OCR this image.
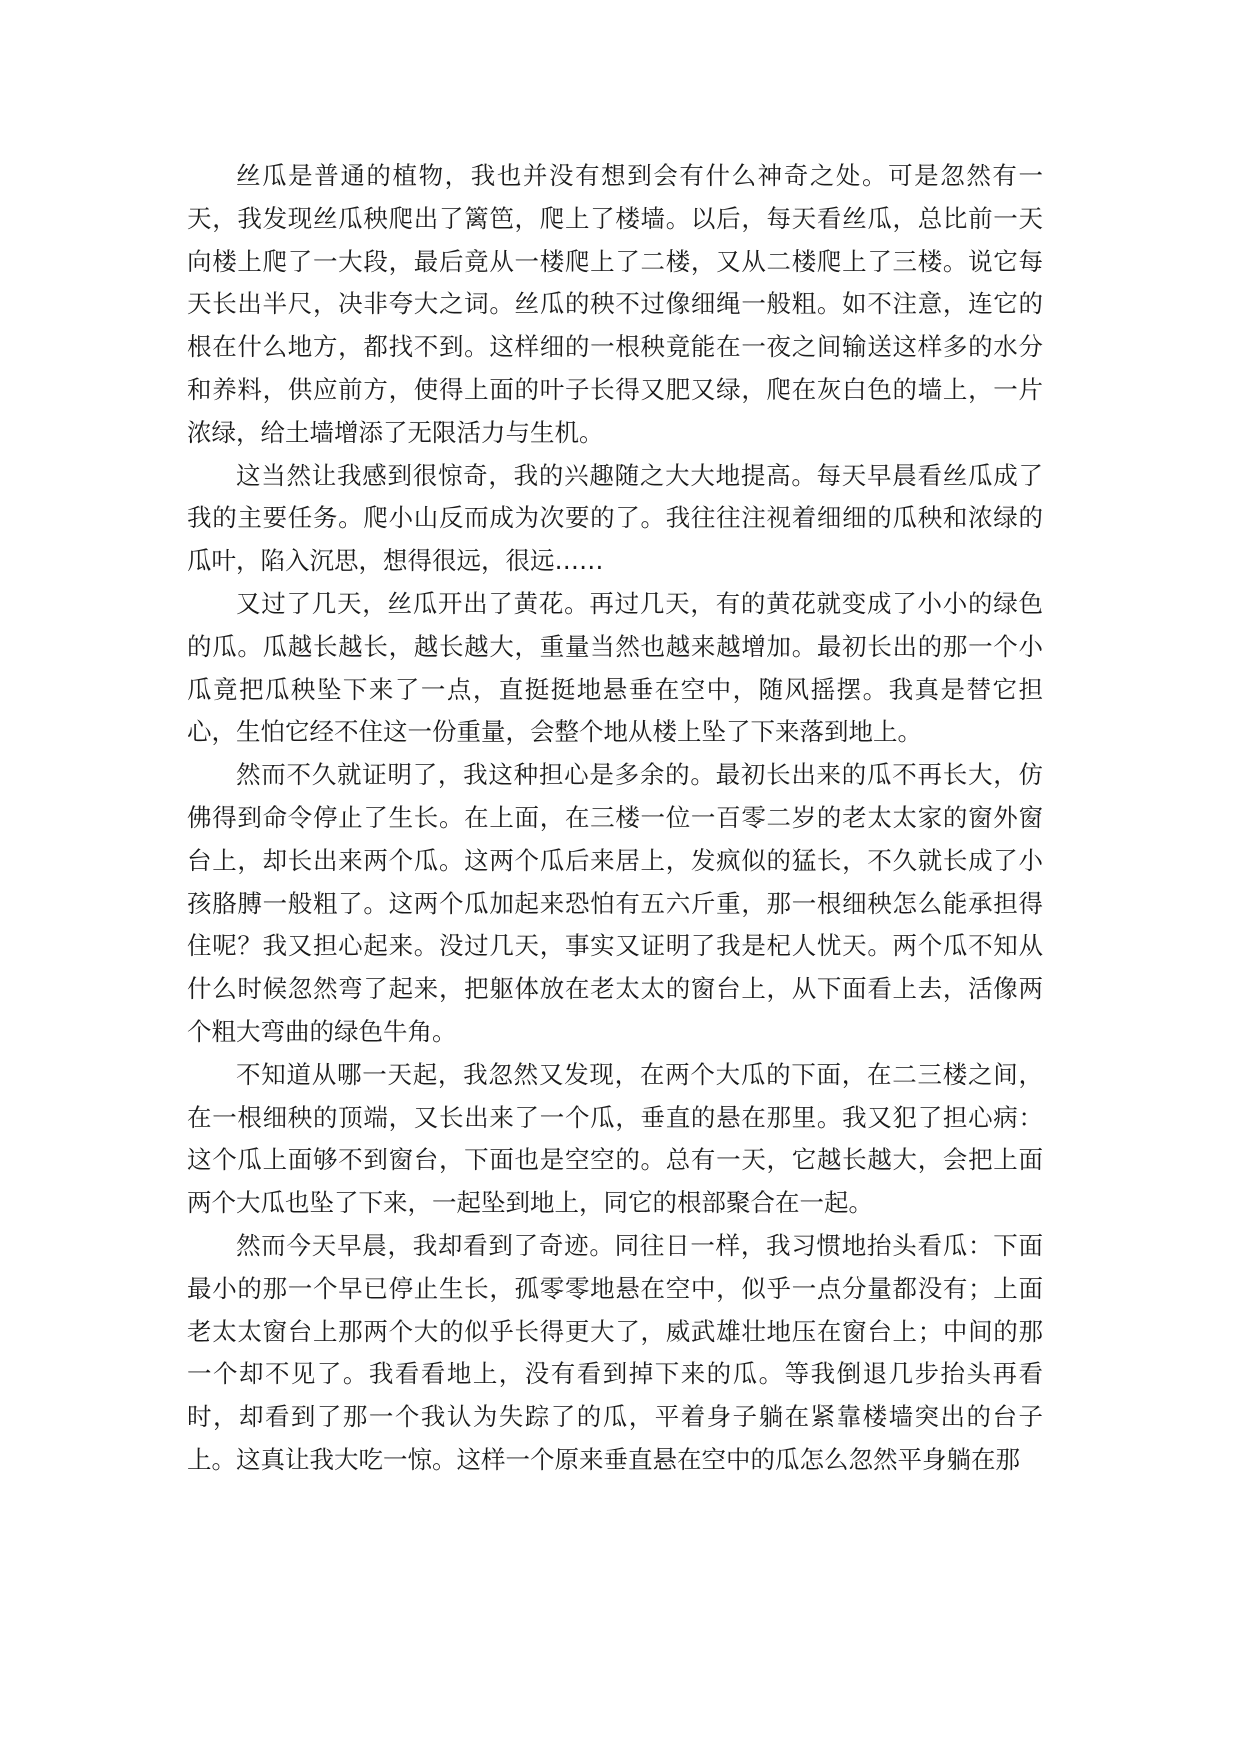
丝瓜是普通的植物，我也并没有想到会有什么神奇之处。可是忽然有一天，我发现丝瓜秧爬出了篱笆，爬上了楼墙。以后，每天看丝瓜，总比前一天向楼上爬了一大段，最后竟从一楼爬上了二楼，又从二楼爬上了三楼。说它每天长出半尺，决非夸大之词。丝瓜的秧不过像细绳一般粗。如不注意，连它的根在什么地方，都找不到。这样细的一根秧竟能在一夜之间输送这样多的水分和养料，供应前方，使得上面的叶子长得又肥又绿，爬在灰白色的墙上，一片浓绿，给土墙增添了无限活力与生机。

这当然让我感到很惊奇，我的兴趣随之大大地提高。每天早晨看丝瓜成了我的主要任务。爬小山反而成为次要的了。我往往注视着细细的瓜秧和浓绿的瓜叶，陷入沉思，想得很远，很远……

又过了几天，丝瓜开出了黄花。再过几天，有的黄花就变成了小小的绿色的瓜。瓜越长越长，越长越大，重量当然也越来越增加。最初长出的那一个小瓜竟把瓜秧坠下来了一点，直挺挺地悬垂在空中，随风摇摆。我真是替它担心，生怕它经不住这一份重量，会整个地从楼上坠了下来落到地上。

然而不久就证明了，我这种担心是多余的。最初长出来的瓜不再长大，仿佛得到命令停止了生长。在上面，在三楼一位一百零二岁的老太太家的窗外窗台上，却长出来两个瓜。这两个瓜后来居上，发疯似的猛长，不久就长成了小孩胳膊一般粗了。这两个瓜加起来恐怕有五六斤重，那一根细秧怎么能承担得住呢？我又担心起来。没过几天，事实又证明了我是杞人忧天。两个瓜不知从什么时候忽然弯了起来，把躯体放在老太太的窗台上，从下面看上去，活像两个粗大弯曲的绿色牛角。

不知道从哪一天起，我忽然又发现，在两个大瓜的下面，在二三楼之间，在一根细秧的顶端，又长出来了一个瓜，垂直的悬在那里。我又犯了担心病：这个瓜上面够不到窗台，下面也是空空的。总有一天，它越长越大，会把上面两个大瓜也坠了下来，一起坠到地上，同它的根部聚合在一起。

然而今天早晨，我却看到了奇迹。同往日一样，我习惯地抬头看瓜：下面最小的那一个早已停止生长，孤零零地悬在空中，似乎一点分量都没有；上面老太太窗台上那两个大的似乎长得更大了，威武雄壮地压在窗台上；中间的那一个却不见了。我看看地上，没有看到掉下来的瓜。等我倒退几步抬头再看时，却看到了那一个我认为失踪了的瓜，平着身子躺在紧靠楼墙突出的台子上。这真让我大吃一惊。这样一个原来垂直悬在空中的瓜怎么忽然平身躺在那
